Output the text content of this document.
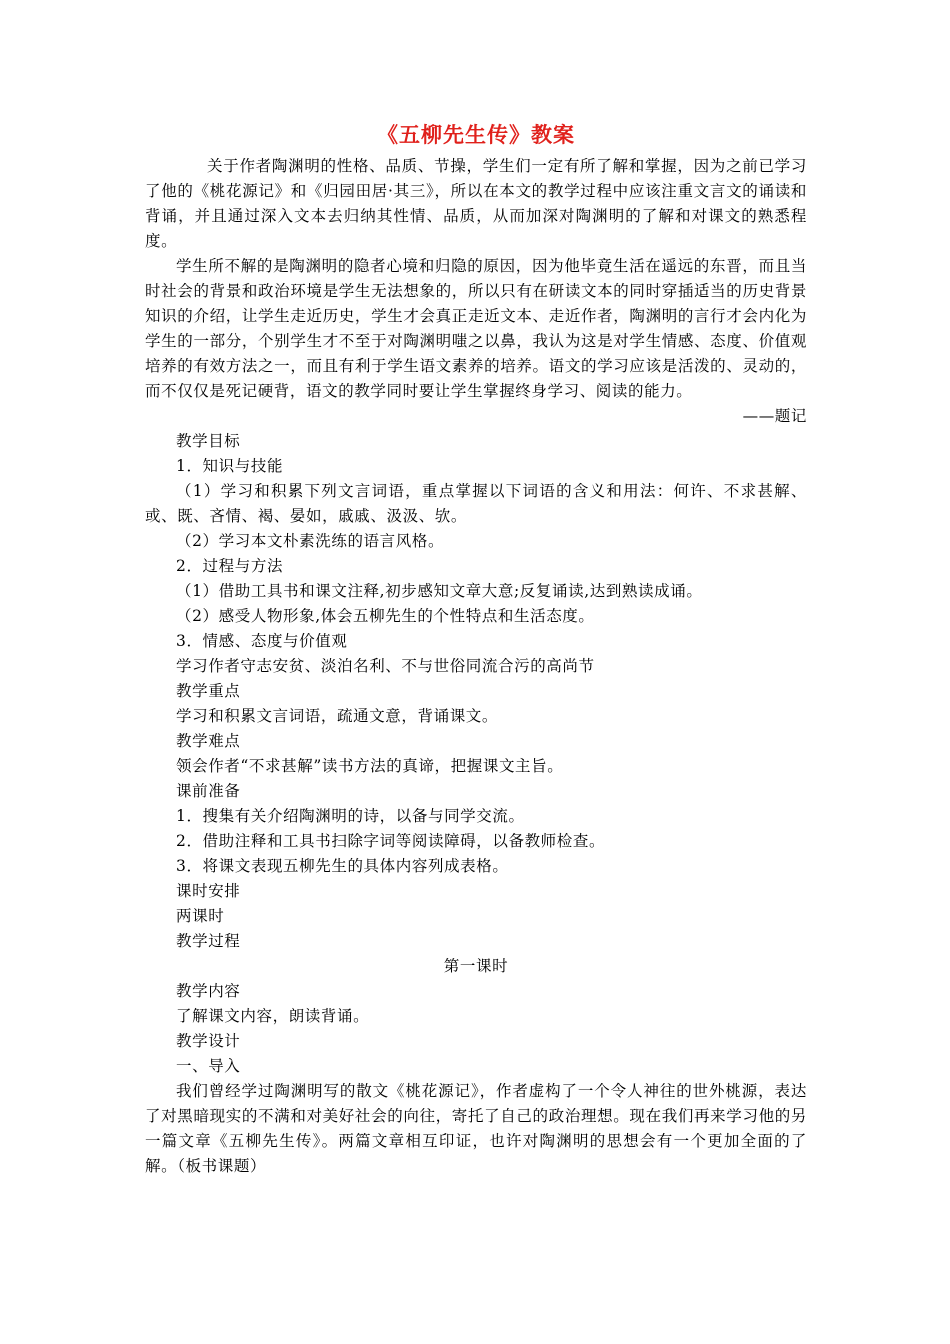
《五柳先生传》教案

关于作者陶渊明的性格、品质、节操，学生们一定有所了解和掌握，因为之前已学习了他的《桃花源记》和《归园田居·其三》，所以在本文的教学过程中应该注重文言文的诵读和背诵，并且通过深入文本去归纳其性情、品质，从而加深对陶渊明的了解和对课文的熟悉程度。

学生所不解的是陶渊明的隐者心境和归隐的原因，因为他毕竟生活在遥远的东晋，而且当时社会的背景和政治环境是学生无法想象的，所以只有在研读文本的同时穿插适当的历史背景知识的介绍，让学生走近历史，学生才会真正走近文本、走近作者，陶渊明的言行才会内化为学生的一部分，个别学生才不至于对陶渊明嗤之以鼻，我认为这是对学生情感、态度、价值观培养的有效方法之一，而且有利于学生语文素养的培养。语文的学习应该是活泼的、灵动的，而不仅仅是死记硬背，语文的教学同时要让学生掌握终身学习、阅读的能力。

——题记

教学目标

1．知识与技能

（1）学习和积累下列文言词语，重点掌握以下词语的含义和用法：何许、不求甚解、或、既、吝情、褐、晏如，戚戚、汲汲、欤。

（2）学习本文朴素洗练的语言风格。

2．过程与方法

（1）借助工具书和课文注释,初步感知文章大意;反复诵读,达到熟读成诵。

（2）感受人物形象,体会五柳先生的个性特点和生活态度。

3．情感、态度与价值观

学习作者守志安贫、淡泊名利、不与世俗同流合污的高尚节

教学重点

学习和积累文言词语，疏通文意，背诵课文。

教学难点

领会作者“不求甚解”读书方法的真谛，把握课文主旨。

课前准备

1．搜集有关介绍陶渊明的诗，以备与同学交流。

2．借助注释和工具书扫除字词等阅读障碍，以备教师检查。

3．将课文表现五柳先生的具体内容列成表格。

课时安排

两课时

教学过程

第一课时

教学内容

了解课文内容，朗读背诵。

教学设计

一、导入

我们曾经学过陶渊明写的散文《桃花源记》，作者虚构了一个令人神往的世外桃源，表达了对黑暗现实的不满和对美好社会的向往，寄托了自己的政治理想。现在我们再来学习他的另一篇文章《五柳先生传》。两篇文章相互印证，也许对陶渊明的思想会有一个更加全面的了解。（板书课题）
